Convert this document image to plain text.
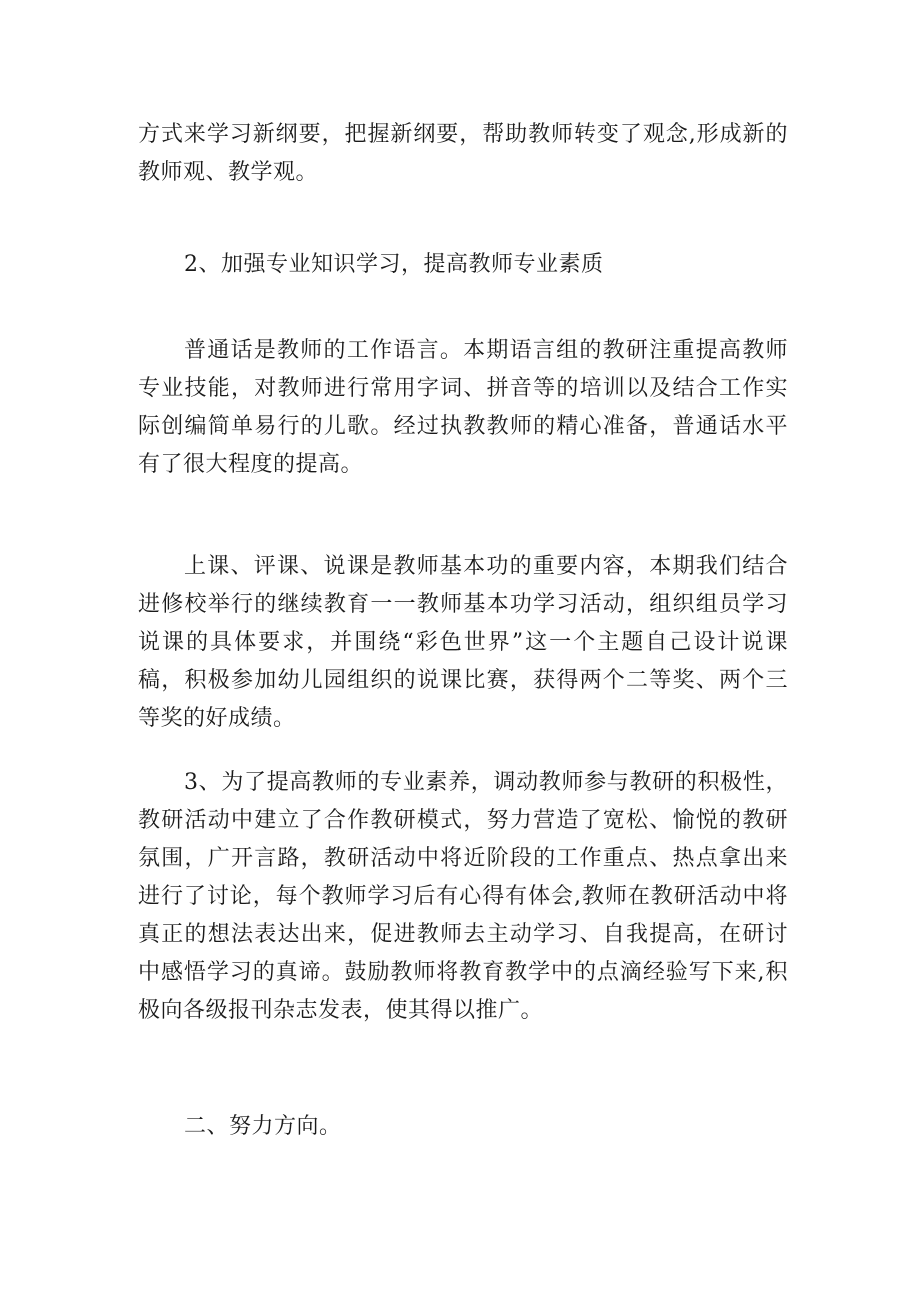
方式来学习新纲要，把握新纲要，帮助教师转变了观念,形成新的教师观、教学观。

2、加强专业知识学习，提高教师专业素质

普通话是教师的工作语言。本期语言组的教研注重提高教师专业技能，对教师进行常用字词、拼音等的培训以及结合工作实际创编简单易行的儿歌。经过执教教师的精心准备，普通话水平有了很大程度的提高。

上课、评课、说课是教师基本功的重要内容，本期我们结合进修校举行的继续教育一一教师基本功学习活动，组织组员学习说课的具体要求，并围绕“彩色世界”这一个主题自己设计说课稿，积极参加幼儿园组织的说课比赛，获得两个二等奖、两个三等奖的好成绩。

3、为了提高教师的专业素养，调动教师参与教研的积极性，教研活动中建立了合作教研模式，努力营造了宽松、愉悦的教研氛围，广开言路，教研活动中将近阶段的工作重点、热点拿出来进行了讨论，每个教师学习后有心得有体会,教师在教研活动中将真正的想法表达出来，促进教师去主动学习、自我提高，在研讨中感悟学习的真谛。鼓励教师将教育教学中的点滴经验写下来,积极向各级报刊杂志发表，使其得以推广。

二、努力方向。
